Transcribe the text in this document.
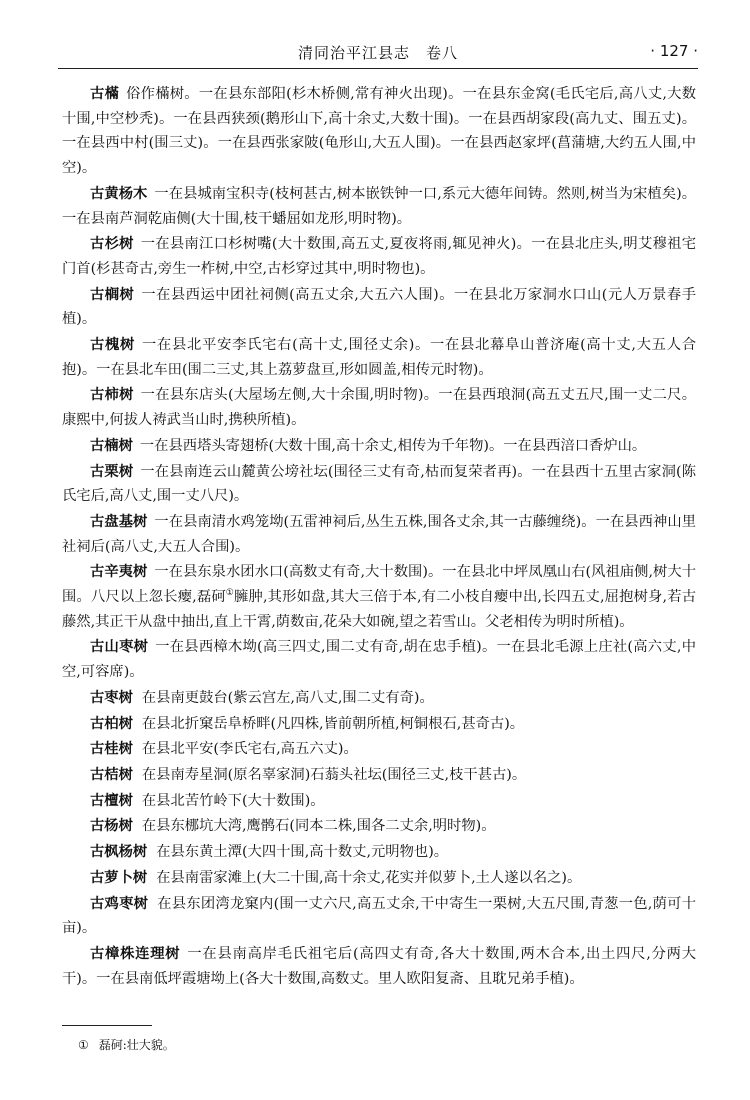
清同治平江县志　卷八	· 127 ·

古樠 俗作樠树。一在县东部阳(杉木桥侧,常有神火出现)。一在县东金窝(毛氏宅后,高八丈,大数十围,中空杪秃)。一在县西狭颈(鹅形山下,高十余丈,大数十围)。一在县西胡家段(高九丈、围五丈)。一在县西中村(围三丈)。一在县西张家陂(龟形山,大五人围)。一在县西赵家坪(菖蒲塘,大约五人围,中空)。

古黄杨木 一在县城南宝积寺(枝柯甚古,树本嵌铁钟一口,系元大德年间铸。然则,树当为宋植矣)。一在县南芦洞乾庙侧(大十围,枝干蟠屈如龙形,明时物)。

古杉树 一在县南江口杉树嘴(大十数围,高五丈,夏夜将雨,辄见神火)。一在县北庄头,明艾穆祖宅门首(杉甚奇古,旁生一柞树,中空,古杉穿过其中,明时物也)。

古榈树 一在县西运中团社祠侧(高五丈余,大五六人围)。一在县北万家洞水口山(元人万景春手植)。

古槐树 一在县北平安李氏宅右(高十丈,围径丈余)。一在县北幕阜山普济庵(高十丈,大五人合抱)。一在县北车田(围二三丈,其上荔萝盘亘,形如圆盖,相传元时物)。

古柿树 一在县东店头(大屋场左侧,大十余围,明时物)。一在县西琅洞(高五丈五尺,围一丈二尺。康熙中,何拔人祷武当山时,携秧所植)。

古楠树 一在县西塔头寄翅桥(大数十围,高十余丈,相传为千年物)。一在县西涪口香炉山。

古栗树 一在县南连云山麓黄公塝社坛(围径三丈有奇,枯而复荣者再)。一在县西十五里古家洞(陈氏宅后,高八丈,围一丈八尺)。

古盘基树 一在县南清水鸡笼坳(五雷神祠后,丛生五株,围各丈余,其一古藤缠绕)。一在县西神山里社祠后(高八丈,大五人合围)。

古辛夷树 一在县东泉水团水口(高数丈有奇,大十数围)。一在县北中坪凤凰山右(风祖庙侧,树大十围。八尺以上忽长瘿,磊砢①臃肿,其形如盘,其大三倍于本,有二小枝自瘿中出,长四五丈,屈抱树身,若古藤然,其正干从盘中抽出,直上干霄,荫数亩,花朵大如碗,望之若雪山。父老相传为明时所植)。

古山枣树 一在县西樟木坳(高三四丈,围二丈有奇,胡在忠手植)。一在县北毛源上庄社(高六丈,中空,可容席)。

古枣树 在县南更鼓台(紫云宫左,高八丈,围二丈有奇)。

古柏树 在县北折窠岳阜桥畔(凡四株,皆前朝所植,柯铜根石,甚奇古)。

古桂树 在县北平安(李氏宅右,高五六丈)。

古桔树 在县南寿星洞(原名辜家洞)石蓊头社坛(围径三丈,枝干甚古)。

古檀树 在县北苦竹岭下(大十数围)。

古杨树 在县东梛坑大湾,鹰鹘石(同本二株,围各二丈余,明时物)。

古枫杨树 在县东黄土潭(大四十围,高十数丈,元明物也)。

古萝卜树 在县南雷家滩上(大二十围,高十余丈,花实并似萝卜,土人遂以名之)。

古鸡枣树 在县东团湾龙窠内(围一丈六尺,高五丈余,干中寄生一栗树,大五尺围,青葱一色,荫可十亩)。

古樟株连理树 一在县南高岸毛氏祖宅后(高四丈有奇,各大十数围,两木合本,出土四尺,分两大干)。一在县南低坪霞塘坳上(各大十数围,高数丈。里人欧阳复斋、且耽兄弟手植)。

① 磊砢:壮大貌。
